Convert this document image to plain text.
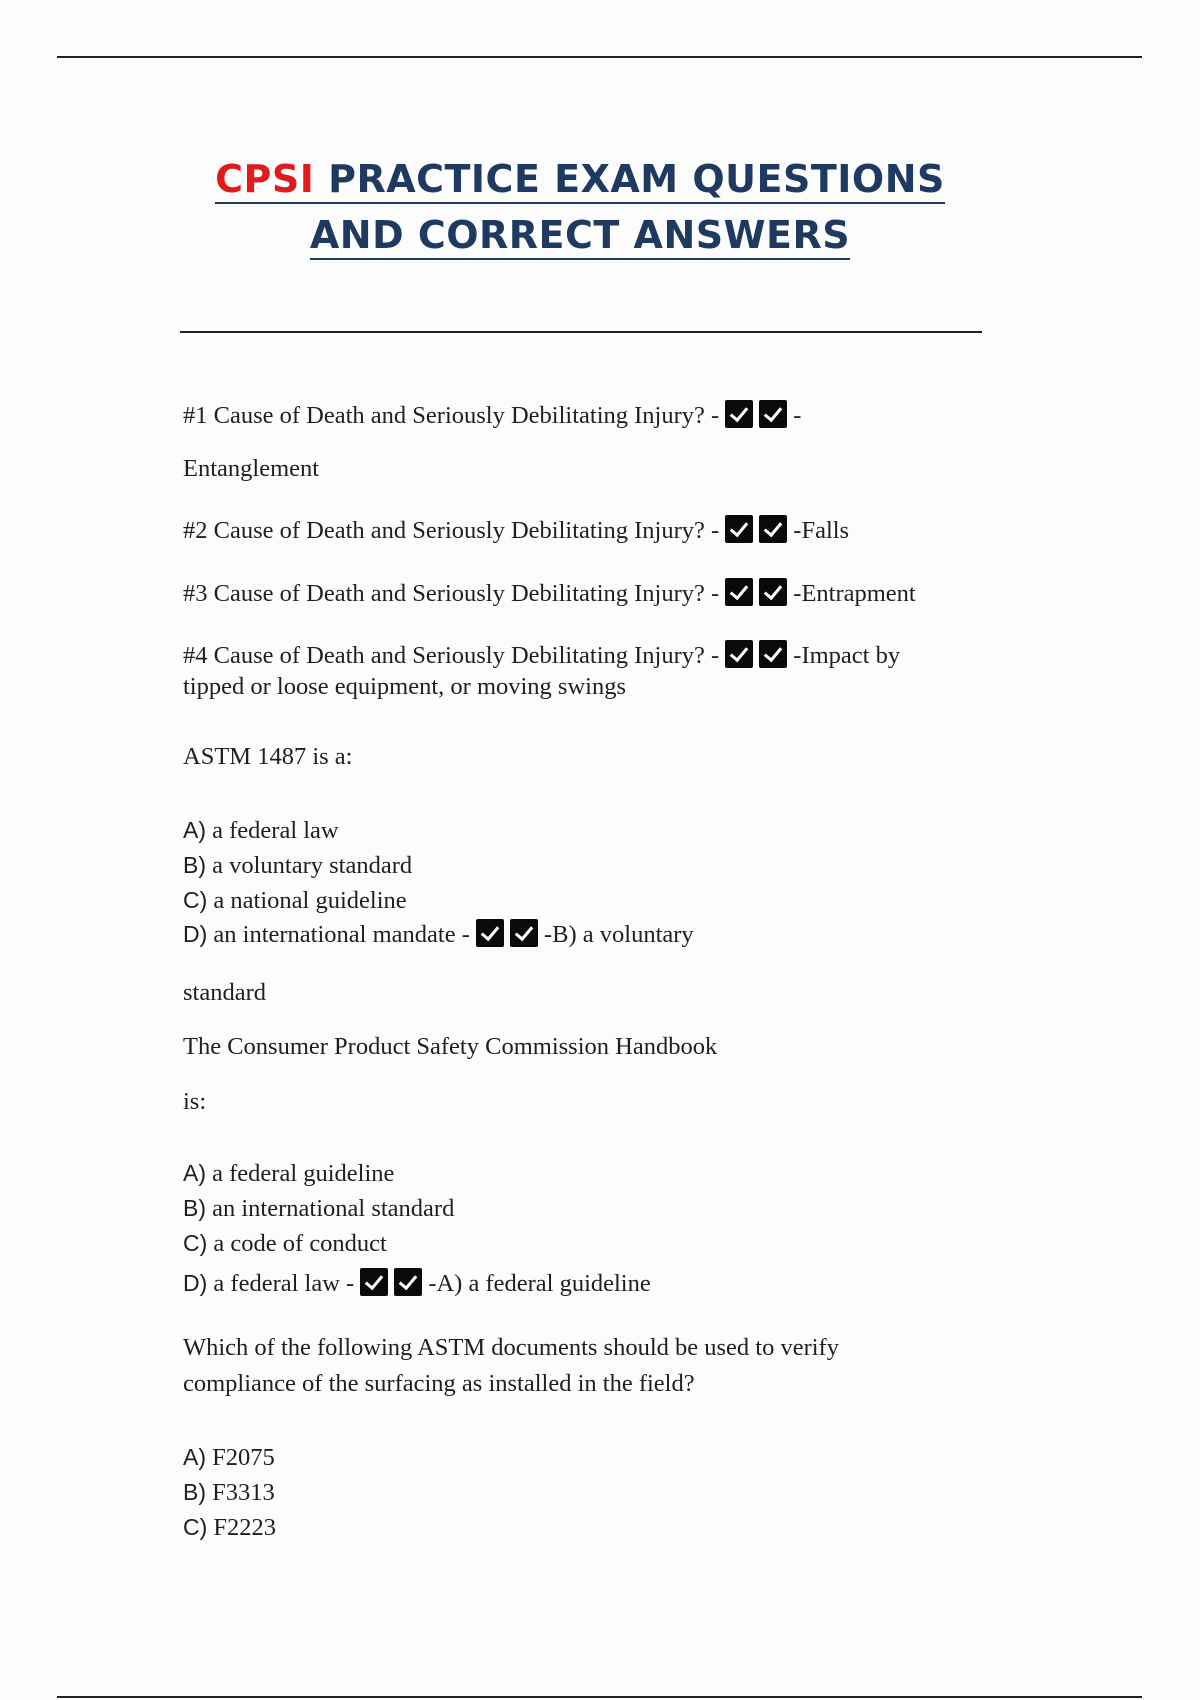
CPSI PRACTICE EXAM QUESTIONS
AND CORRECT ANSWERS
#1 Cause of Death and Seriously Debilitating Injury? -	-
Entanglement
#2 Cause of Death and Seriously Debilitating Injury? -	-Falls
#3 Cause of Death and Seriously Debilitating Injury? -	-Entrapment
#4 Cause of Death and Seriously Debilitating Injury? -	-Impact by
tipped or loose equipment, or moving swings
ASTM 1487 is a:
A) a federal law
B) a voluntary standard
C) a national guideline
D) an international mandate -	-B) a voluntary
standard
The Consumer Product Safety Commission Handbook
is:
A) a federal guideline
B) an international standard
C) a code of conduct
D) a federal law -	-A) a federal guideline
Which of the following ASTM documents should be used to verify
compliance of the surfacing as installed in the field?
A) F2075
B) F3313
C) F2223
